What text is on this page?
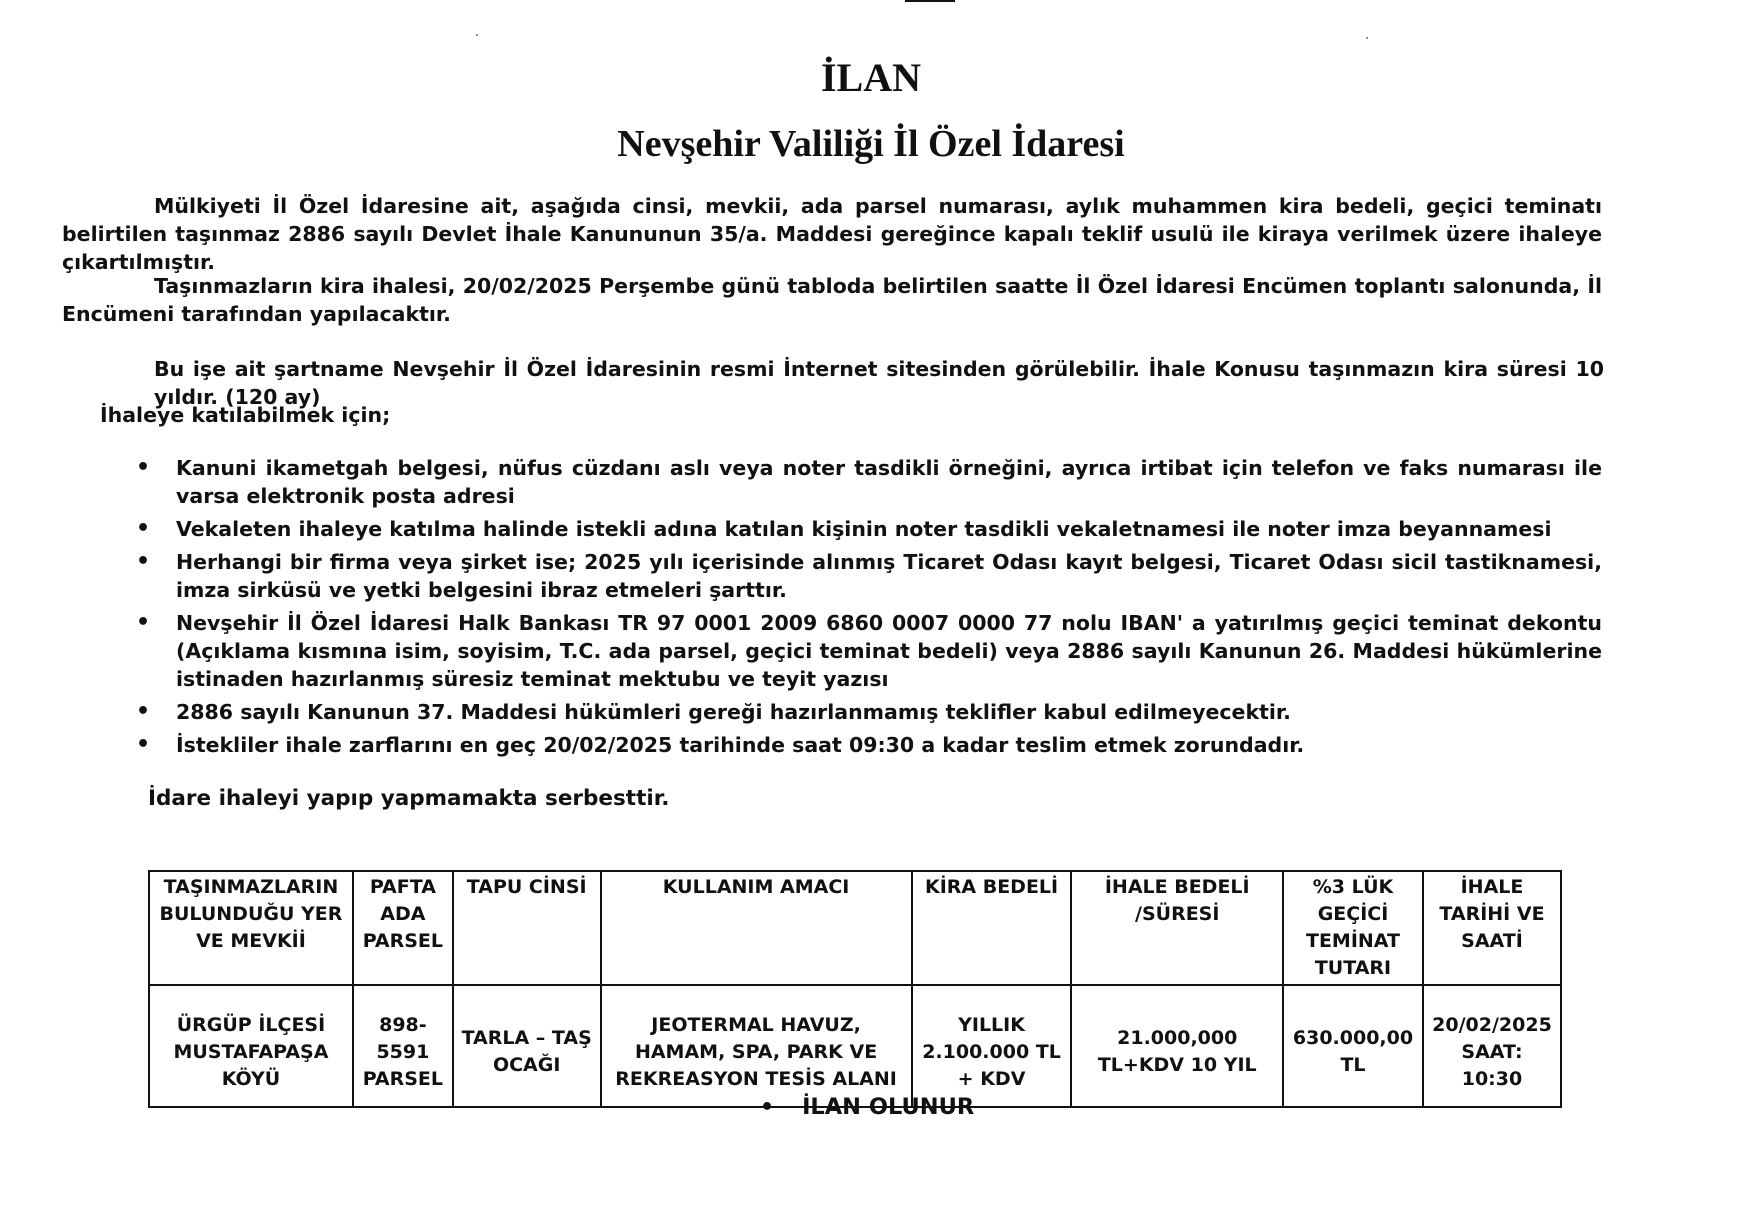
İLAN
Nevşehir Valiliği İl Özel İdaresi
Mülkiyeti İl Özel İdaresine ait, aşağıda cinsi, mevkii, ada parsel numarası, aylık muhammen kira bedeli, geçici teminatı belirtilen taşınmaz 2886 sayılı Devlet İhale Kanununun 35/a. Maddesi gereğince kapalı teklif usulü ile kiraya verilmek üzere ihaleye çıkartılmıştır.
Taşınmazların kira ihalesi, 20/02/2025 Perşembe günü tabloda belirtilen saatte İl Özel İdaresi Encümen toplantı salonunda, İl Encümeni tarafından yapılacaktır.
Bu işe ait şartname Nevşehir İl Özel İdaresinin resmi İnternet sitesinden görülebilir. İhale Konusu taşınmazın kira süresi 10 yıldır. (120 ay)
İhaleye katılabilmek için;
• Kanuni ikametgah belgesi, nüfus cüzdanı aslı veya noter tasdikli örneğini, ayrıca irtibat için telefon ve faks numarası ile varsa elektronik posta adresi
• Vekaleten ihaleye katılma halinde istekli adına katılan kişinin noter tasdikli vekaletnamesi ile noter imza beyannamesi
• Herhangi bir firma veya şirket ise; 2025 yılı içerisinde alınmış Ticaret Odası kayıt belgesi, Ticaret Odası sicil tastiknamesi, imza sirküsü ve yetki belgesini ibraz etmeleri şarttır.
• Nevşehir İl Özel İdaresi Halk Bankası TR 97 0001 2009 6860 0007 0000 77 nolu IBAN' a yatırılmış geçici teminat dekontu (Açıklama kısmına isim, soyisim, T.C. ada parsel, geçici teminat bedeli) veya 2886 sayılı Kanunun 26. Maddesi hükümlerine istinaden hazırlanmış süresiz teminat mektubu ve teyit yazısı
• 2886 sayılı Kanunun 37. Maddesi hükümleri gereği hazırlanmamış teklifler kabul edilmeyecektir.
• İstekliler ihale zarflarını en geç 20/02/2025 tarihinde saat 09:30 a kadar teslim etmek zorundadır.
İdare ihaleyi yapıp yapmamakta serbesttir.
TAŞINMAZLARIN BULUNDUĞU YER VE MEVKİİ	PAFTA ADA PARSEL	TAPU CİNSİ	KULLANIM AMACI	KİRA BEDELİ	İHALE BEDELİ /SÜRESİ	%3 LÜK GEÇİCİ TEMİNAT TUTARI	İHALE TARİHİ VE SAATİ
ÜRGÜP İLÇESİ MUSTAFAPAŞA KÖYÜ	898-5591 PARSEL	TARLA – TAŞ OCAĞI	JEOTERMAL HAVUZ, HAMAM, SPA, PARK VE REKREASYON TESİS ALANI	YILLIK 2.100.000 TL + KDV	21.000,000 TL+KDV 10 YIL	630.000,00 TL	20/02/2025 SAAT: 10:30
• İLAN OLUNUR
